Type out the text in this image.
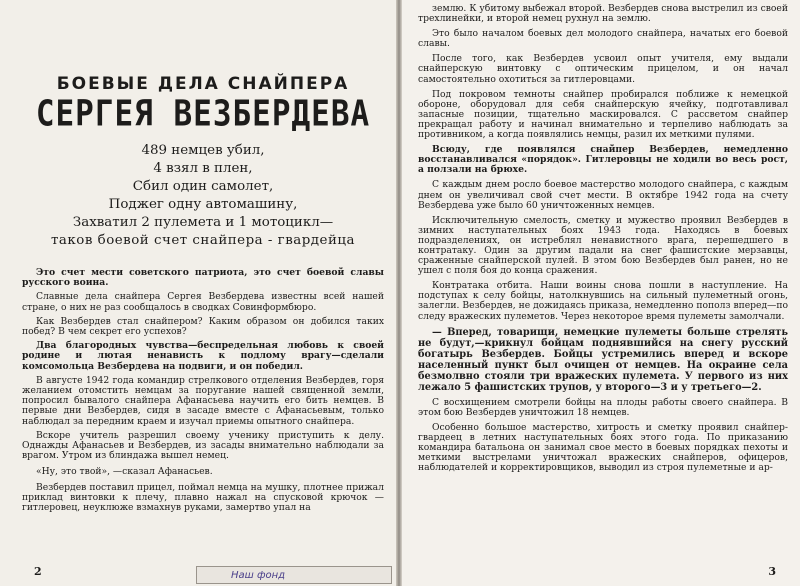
БОЕВЫЕ ДЕЛА СНАЙПЕРА
СЕРГЕЯ ВЕЗБЕРДЕВА
489 немцев убил,
4 взял в плен,
Сбил один самолет,
Поджег одну автомашину,
Захватил 2 пулемета и 1 мотоцикл—
таков боевой счет снайпера - гвардейца

Это счет мести советского патриота, это счет боевой славы русского воина.

Славные дела снайпера Сергея Везбердева известны всей нашей стране, о них не раз сообщалось в сводках Совинформбюро.

Как Везбердев стал снайпером? Каким образом он добился таких побед? В чем секрет его успехов?

Два благородных чувства—беспредельная любовь к своей родине и лютая ненависть к подлому врагу—сделали комсомольца Везбердева на подвиги, и он победил.

В августе 1942 года командир стрелкового отделения Везбердев, горя желанием отомстить немцам за поругание нашей священной земли, попросил бывалого снайпера Афанасьева научить его бить немцев. В первые дни Везбердев, сидя в засаде вместе с Афанасьевым, только наблюдал за передним краем и изучал приемы опытного снайпера.

Вскоре учитель разрешил своему ученику приступить к делу. Однажды Афанасьев и Везбердев, из засады внимательно наблюдали за врагом. Утром из блиндажа вышел немец.

«Ну, это твой», —сказал Афанасьев.

Везбердев поставил прицел, поймал немца на мушку, плотнее прижал приклад винтовки к плечу, плавно нажал на спусковой крючок — гитлеровец, неуклюже взмахнув руками, замертво упал на

2

землю. К убитому выбежал второй. Везбердев снова выстрелил из своей трехлинейки, и второй немец рухнул на землю.

Это было началом боевых дел молодого снайпера, начатых его боевой славы.

После того, как Везбердев усвоил опыт учителя, ему выдали снайперскую винтовку с оптическим прицелом, и он начал самостоятельно охотиться за гитлеровцами.

Под покровом темноты снайпер пробирался поближе к немецкой обороне, оборудовал для себя снайперскую ячейку, подготавливал запасные позиции, тщательно маскировался. С рассветом снайпер прекращал работу и начинал внимательно и терпеливо наблюдать за противником, а когда появлялись немцы, разил их меткими пулями.

Всюду, где появлялся снайпер Везбердев, немедленно восстанавливался «порядок». Гитлеровцы не ходили во весь рост, а ползали на брюхе.

С каждым днем росло боевое мастерство молодого снайпера, с каждым днем он увеличивал свой счет мести. В октябре 1942 года на счету Везбердева уже было 60 уничтоженных немцев.

Исключительную смелость, сметку и мужество проявил Везбердев в зимних наступательных боях 1943 года. Находясь в боевых подразделениях, он истреблял ненавистного врага, перешедшего в контратаку. Один за другим падали на снег фашистские мерзавцы, сраженные снайперской пулей. В этом бою Везбердев был ранен, но не ушел с поля боя до конца сражения.

Контратака отбита. Наши воины снова пошли в наступление. На подступах к селу бойцы, натолкнувшись на сильный пулеметный огонь, залегли. Везбердев, не дожидаясь приказа, немедленно пополз вперед—по следу вражеских пулеметов. Через некоторое время пулеметы замолчали.

— Вперед, товарищи, немецкие пулеметы больше стрелять не будут,—крикнул бойцам поднявшийся на снегу русский богатырь Везбердев. Бойцы устремились вперед и вскоре населенный пункт был очищен от немцев. На окраине села безмолвно стояли три вражеских пулемета. У первого из них лежало 5 фашистских трупов, у второго—3 и у третьего—2.

С восхищением смотрели бойцы на плоды работы своего снайпера. В этом бою Везбердев уничтожил 18 немцев.

Особенно большое мастерство, хитрость и сметку проявил снайпер-гвардеец в летних наступательных боях этого года. По приказанию командира батальона он занимал свое место в боевых порядках пехоты и меткими выстрелами уничтожал вражеских снайперов, офицеров, наблюдателей и корректировщиков, выводил из строя пулеметные и ар-

3
Наш фонд
